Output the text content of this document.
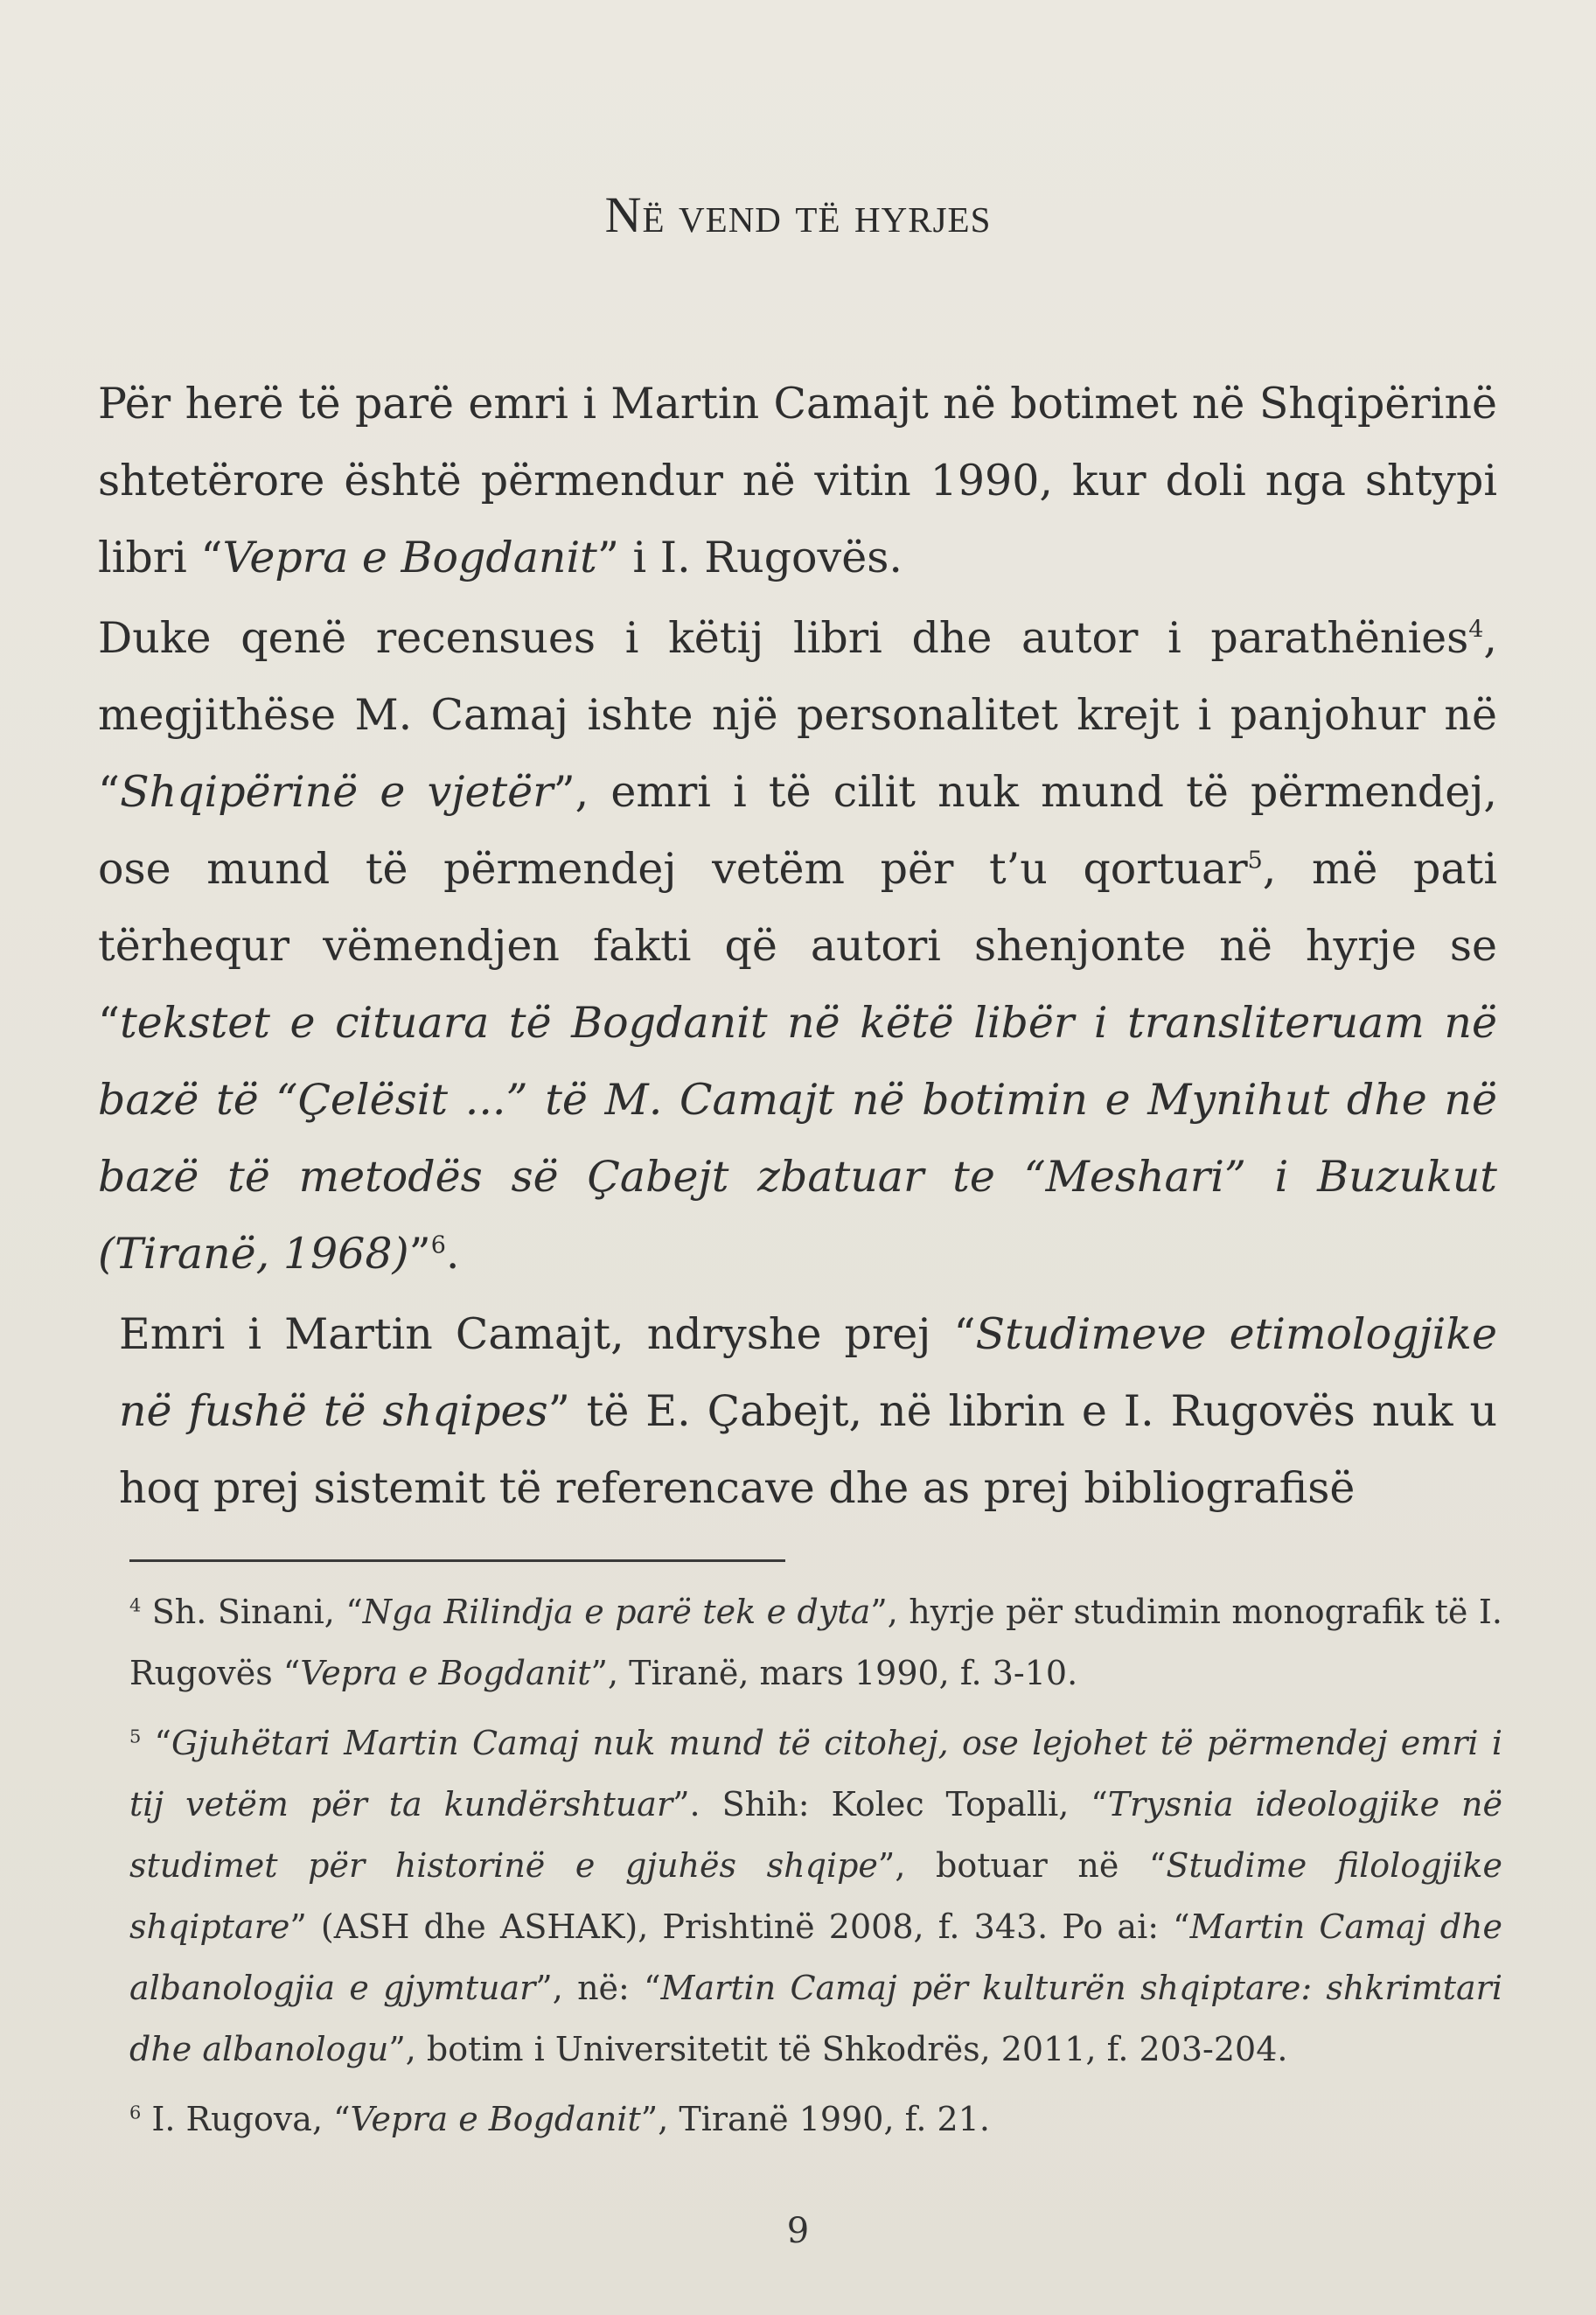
Në vend të hyrjes

Për herë të parë emri i Martin Camajt në botimet në Shqipërinë shtetërore është përmendur në vitin 1990, kur doli nga shtypi libri “Vepra e Bogdanit” i I. Rugovës.

Duke qenë recensues i këtij libri dhe autor i parathënies$^4$, megjithëse M. Camaj ishte një personalitet krejt i panjohur në “Shqipërinë e vjetër”, emri i të cilit nuk mund të përmendej, ose mund të përmendej vetëm për t’u qortuar$^5$, më pati tërhequr vëmendjen fakti që autori shenjonte në hyrje se “tekstet e cituara të Bogdanit në këtë libër i transliteruam në bazë të “Çelësit ...” të M. Camajt në botimin e Mynihut dhe në bazë të metodës së Çabejt zbatuar te “Meshari” i Buzukut (Tiranë, 1968)”$^6$.

Emri i Martin Camajt, ndryshe prej “Studimeve etimologjike në fushë të shqipes” të E. Çabejt, në librin e I. Rugovës nuk u hoq prej sistemit të referencave dhe as prej bibliografisë

$^4$ Sh. Sinani, “Nga Rilindja e parë tek e dyta”, hyrje për studimin monografik të I. Rugovës “Vepra e Bogdanit”, Tiranë, mars 1990, f. 3-10.

$^5$ “Gjuhëtari Martin Camaj nuk mund të citohej, ose lejohet të përmendej emri i tij vetëm për ta kundërshtuar”. Shih: Kolec Topalli, “Trysnia ideologjike në studimet për historinë e gjuhës shqipe”, botuar në “Studime filologjike shqiptare” (ASH dhe ASHAK), Prishtinë 2008, f. 343. Po ai: “Martin Camaj dhe albanologjia e gjymtuar”, në: “Martin Camaj për kulturën shqiptare: shkrimtari dhe albanologu”, botim i Universitetit të Shkodrës, 2011, f. 203-204.

$^6$ I. Rugova, “Vepra e Bogdanit”, Tiranë 1990, f. 21.

9
